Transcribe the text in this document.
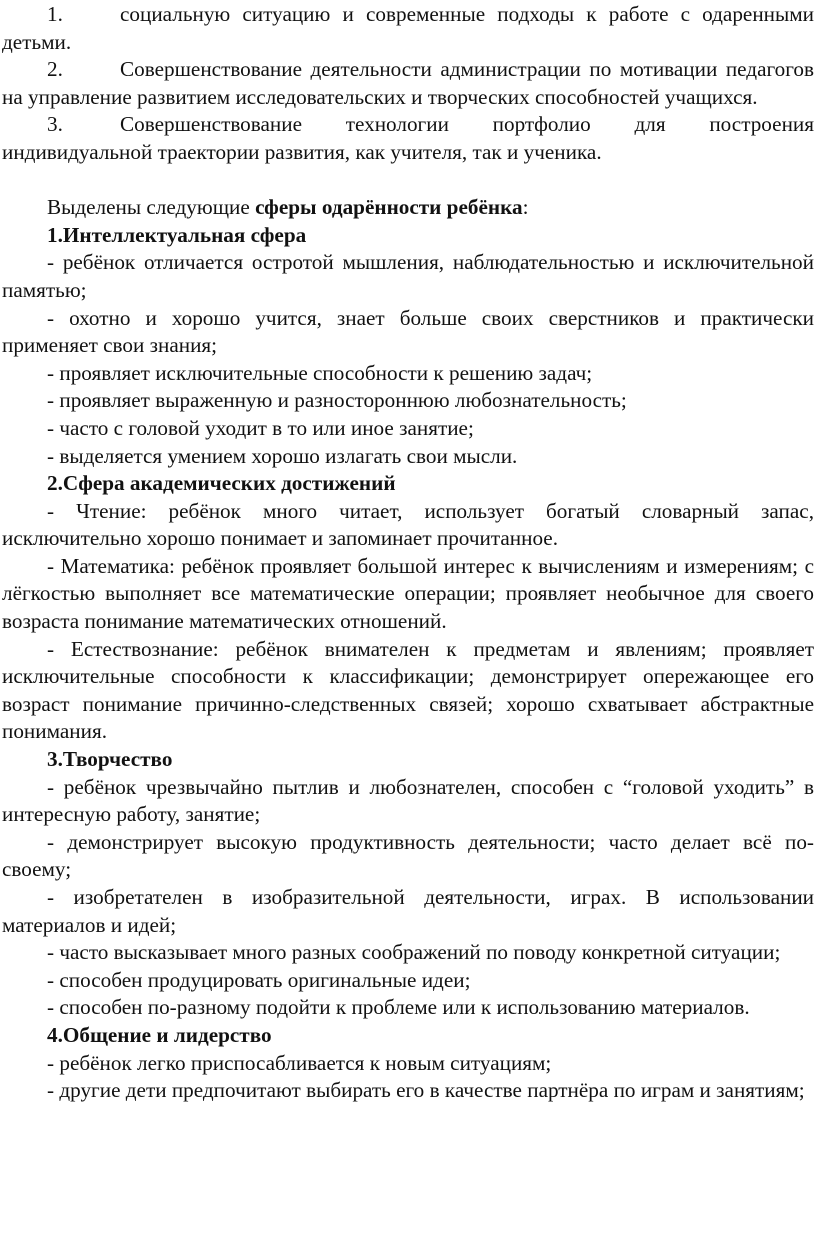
1.	социальную ситуацию и современные подходы к работе с одаренными детьми.

2.	Совершенствование деятельности администрации по мотивации педагогов на управление развитием исследовательских и творческих способностей учащихся.

3.	Совершенствование технологии портфолио для построения индивидуальной траектории развития, как учителя, так и ученика.

Выделены следующие сферы одарённости ребёнка:

1.Интеллектуальная сфера

- ребёнок отличается остротой мышления, наблюдательностью и исключительной памятью;

- охотно и хорошо учится, знает больше своих сверстников и практически применяет свои знания;

- проявляет исключительные способности к решению задач;

- проявляет выраженную и разностороннюю любознательность;

- часто с головой уходит в то или иное занятие;

- выделяется умением хорошо излагать свои мысли.

2.Сфера академических достижений

- Чтение: ребёнок много читает, использует богатый словарный запас, исключительно хорошо понимает и запоминает прочитанное.

- Математика: ребёнок проявляет большой интерес к вычислениям и измерениям; с лёгкостью выполняет все математические операции; проявляет необычное для своего возраста понимание математических отношений.

- Естествознание: ребёнок внимателен к предметам и явлениям; проявляет исключительные способности к классификации; демонстрирует опережающее его возраст понимание причинно-следственных связей; хорошо схватывает абстрактные понимания.

3.Творчество

- ребёнок чрезвычайно пытлив и любознателен, способен с “головой уходить” в интересную работу, занятие;

- демонстрирует высокую продуктивность деятельности; часто делает всё по-своему;

- изобретателен в изобразительной деятельности, играх. В использовании материалов и идей;

- часто высказывает много разных соображений по поводу конкретной ситуации;

- способен продуцировать оригинальные идеи;

- способен по-разному подойти к проблеме или к использованию материалов.

4.Общение и лидерство

- ребёнок легко приспосабливается к новым ситуациям;

- другие дети предпочитают выбирать его в качестве партнёра по играм и занятиям;
